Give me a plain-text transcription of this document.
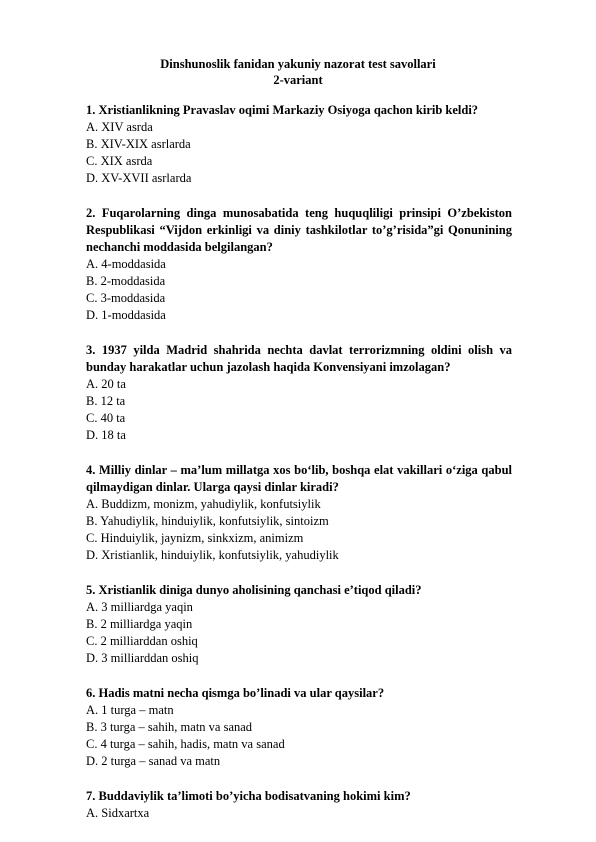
Dinshunoslik fanidan yakuniy nazorat test savollari
2-variant

1. Xristianlikning Pravaslav oqimi Markaziy Osiyoga qachon kirib keldi?

A. XIV asrda

B. XIV-XIX asrlarda

C. XIX asrda

D. XV-XVII asrlarda

2. Fuqarolarning dinga munosabatida teng huquqliligi prinsipi O’zbekiston Respublikasi “Vijdon erkinligi va diniy tashkilotlar to’g’risida”gi Qonunining nechanchi moddasida belgilangan?

A. 4-moddasida

B. 2-moddasida

C. 3-moddasida

D. 1-moddasida

3. 1937 yilda Madrid shahrida nechta davlat terrorizmning oldini olish va bunday harakatlar uchun jazolash haqida Konvensiyani imzolagan?

A. 20 ta

B. 12 ta

C. 40 ta

D. 18 ta

4. Milliy dinlar – ma’lum millatga xos bo‘lib, boshqa elat vakillari o‘ziga qabul qilmaydigan dinlar. Ularga qaysi dinlar kiradi?

A. Buddizm, monizm, yahudiylik, konfutsiylik

B. Yahudiylik, hinduiylik, konfutsiylik, sintoizm

C. Hinduiylik, jaynizm, sinkxizm, animizm

D. Xristianlik, hinduiylik, konfutsiylik, yahudiylik

5. Xristianlik diniga dunyo aholisining qanchasi e’tiqod qiladi?

A. 3 milliardga yaqin

B. 2 milliardga yaqin

C. 2 milliarddan oshiq

D. 3 milliarddan oshiq

6. Hadis matni necha qismga bo’linadi va ular qaysilar?

A. 1 turga – matn

B. 3 turga – sahih, matn va sanad

C. 4 turga – sahih, hadis, matn va sanad

D. 2 turga – sanad va matn

7. Buddaviylik ta’limoti bo’yicha bodisatvaning hokimi kim?

A. Sidxartxa
